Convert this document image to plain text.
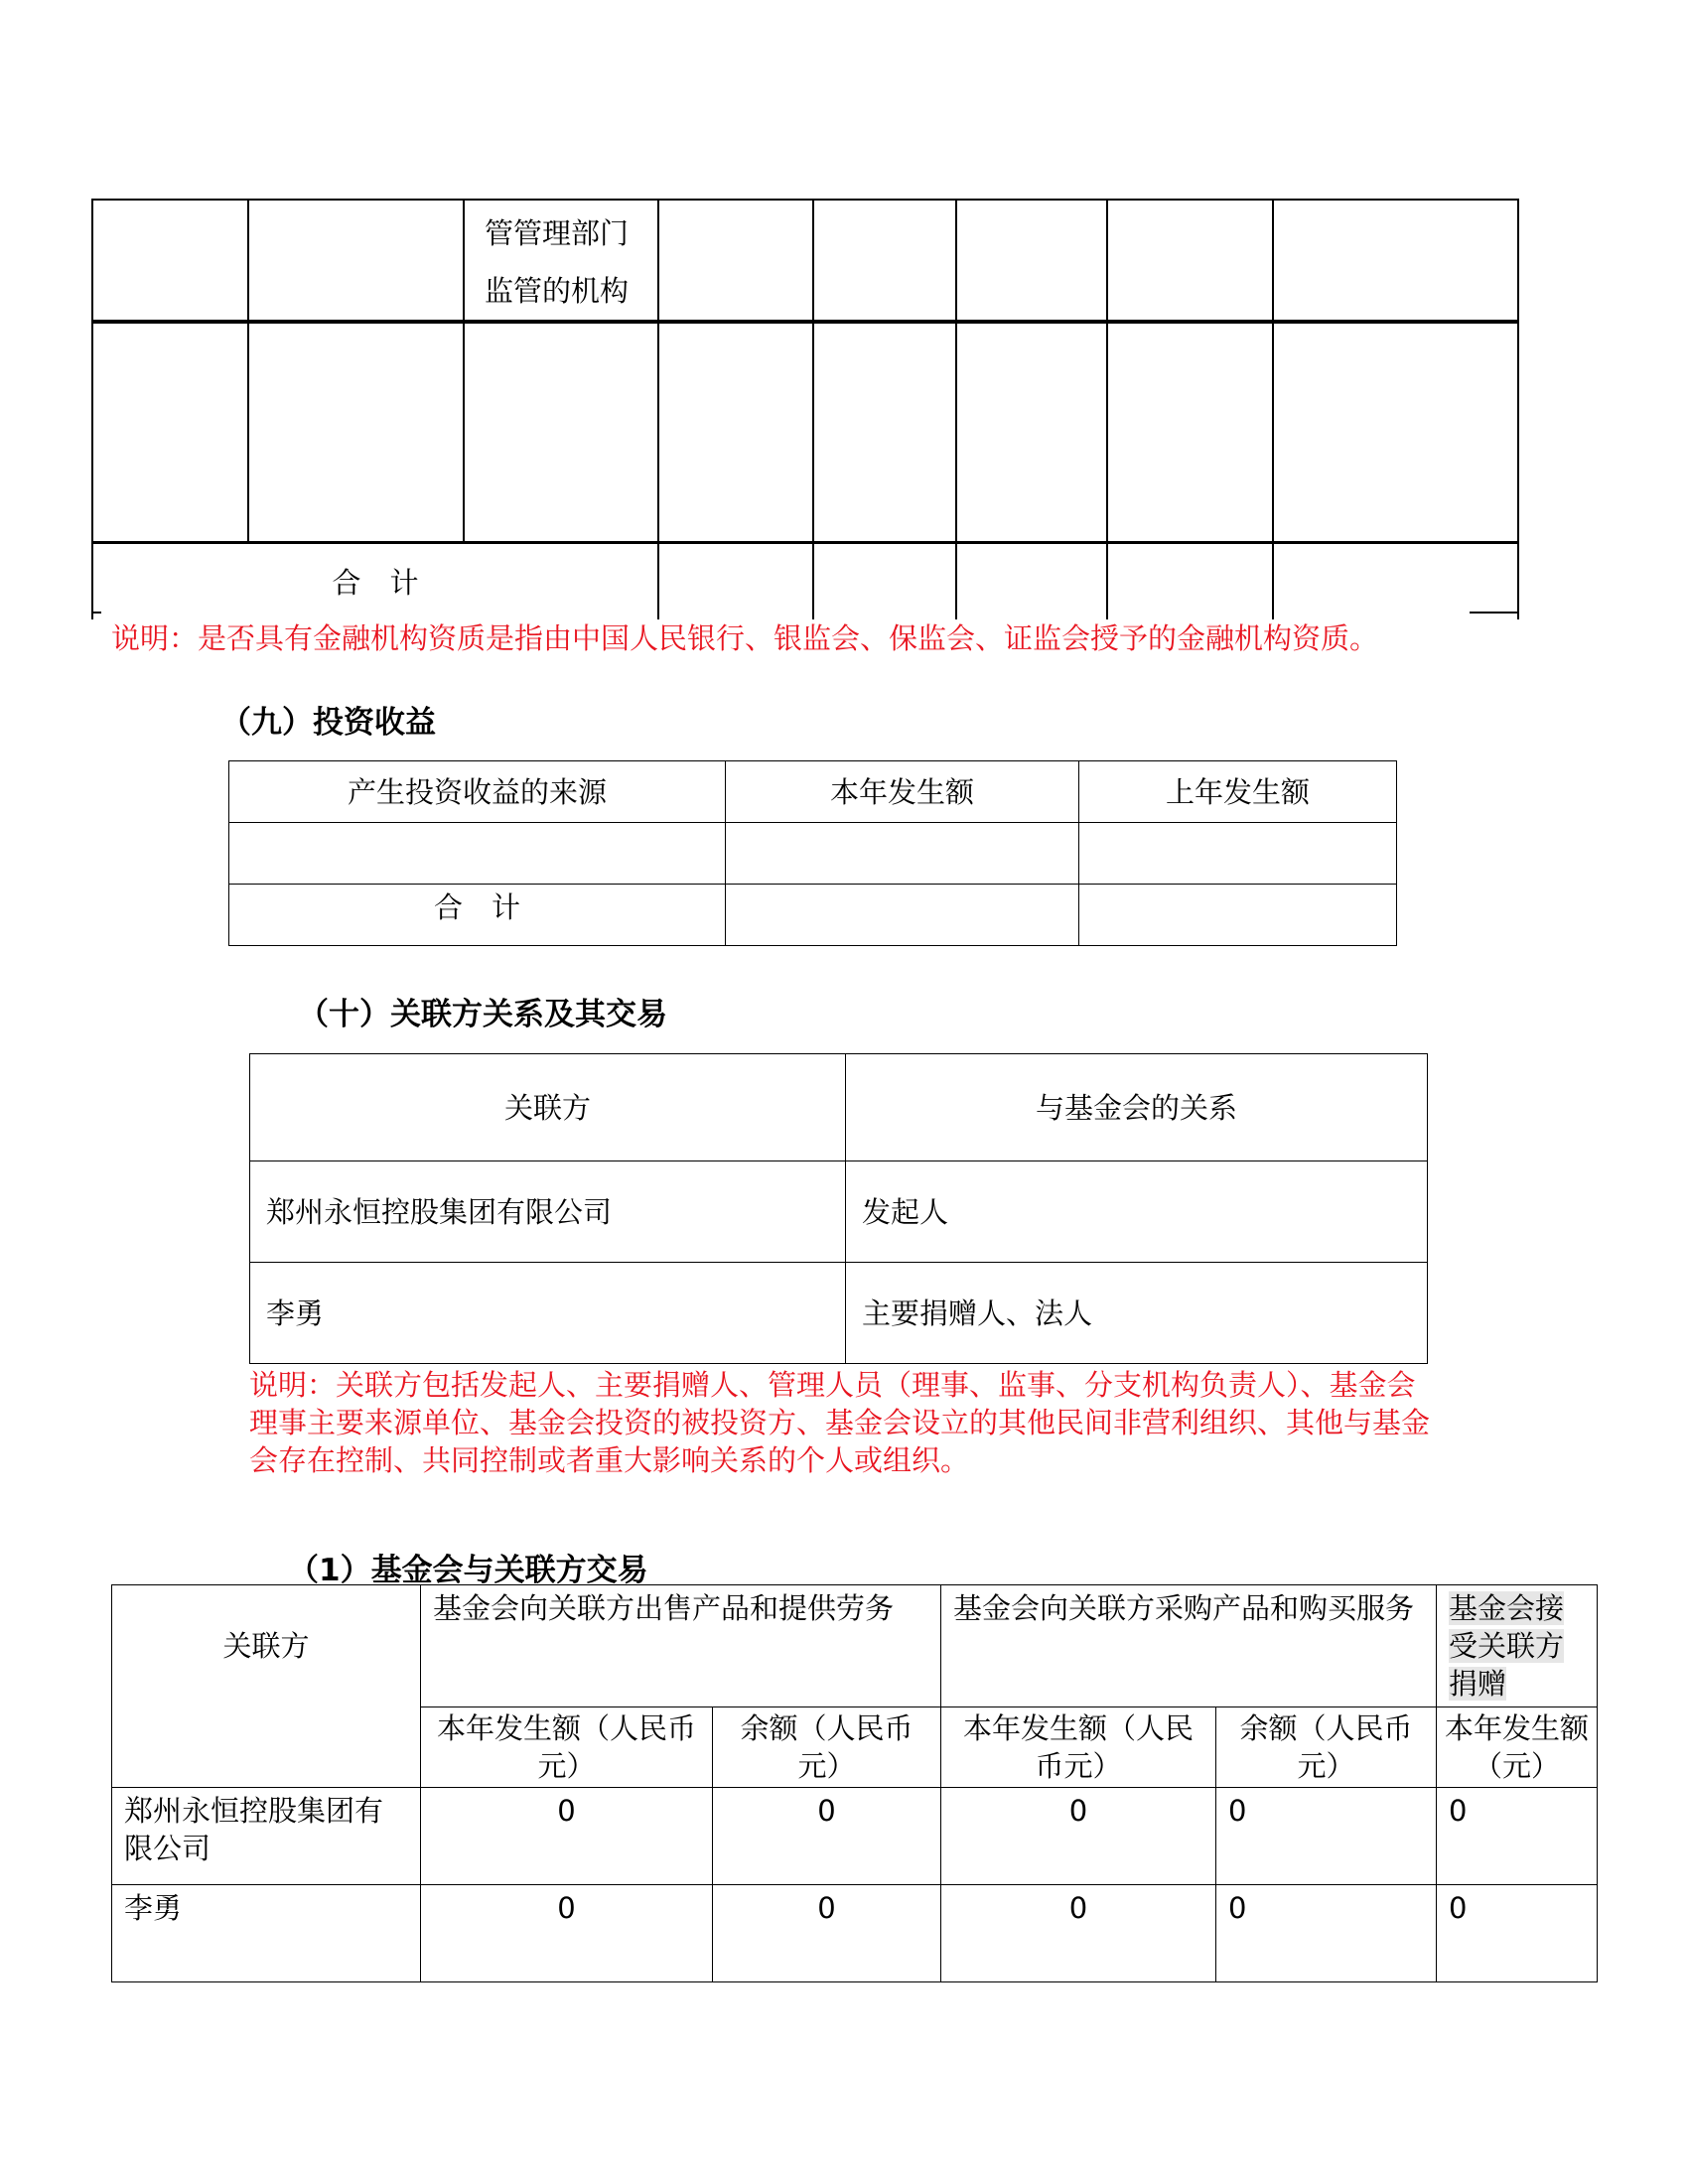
		管管理部门
监管的机构					

合　计							
说明：是否具有金融机构资质是指由中国人民银行、银监会、保监会、证监会授予的金融机构资质。
（九）投资收益
产生投资收益的来源	本年发生额	上年发生额

合　计		
（十）关联方关系及其交易
关联方	与基金会的关系
郑州永恒控股集团有限公司	发起人
李勇	主要捐赠人、法人
说明：关联方包括发起人、主要捐赠人、管理人员（理事、监事、分支机构负责人）、基金会理事主要来源单位、基金会投资的被投资方、基金会设立的其他民间非营利组织、其他与基金会存在控制、共同控制或者重大影响关系的个人或组织。
（1）基金会与关联方交易
关联方	基金会向关联方出售产品和提供劳务		基金会向关联方采购产品和购买服务		基金会接受关联方捐赠
	本年发生额（人民币元）	余额（人民币元）	本年发生额（人民币元）	余额（人民币元）	本年发生额（元）
郑州永恒控股集团有限公司	0	0	0	0	0
李勇	0	0	0	0	0
